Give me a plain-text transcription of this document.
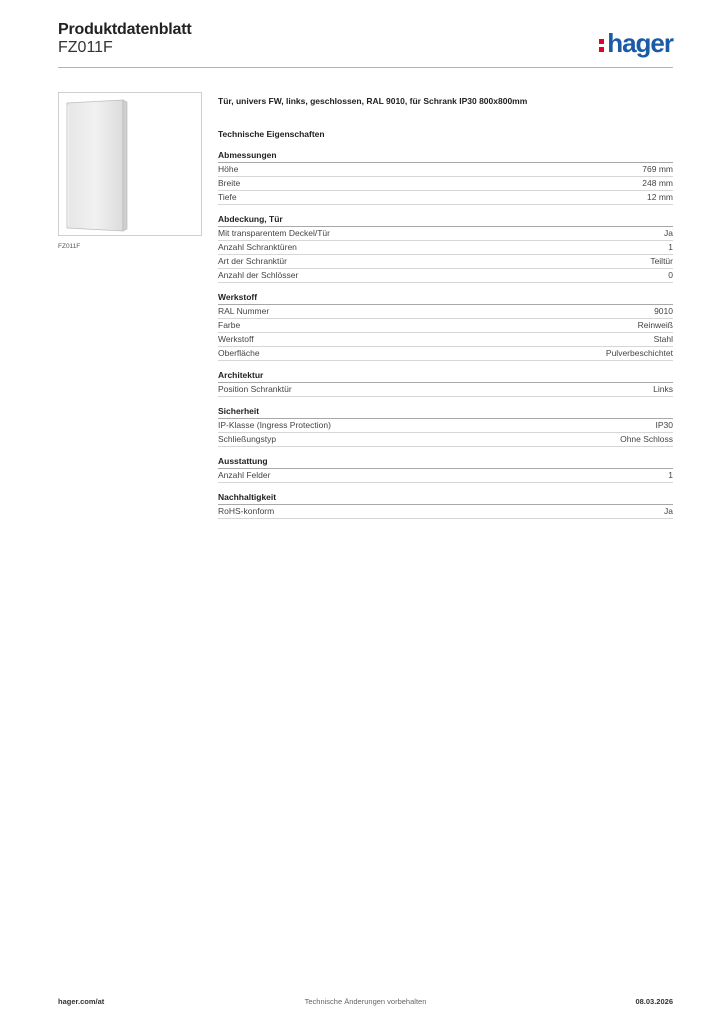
Produktdatenblatt
FZ011F	hager
FZ011F
Tür, univers FW, links, geschlossen, RAL 9010, für Schrank IP30 800x800mm
Technische Eigenschaften
Abmessungen
Höhe	769 mm
Breite	248 mm
Tiefe	12 mm
Abdeckung, Tür
Mit transparentem Deckel/Tür	Ja
Anzahl Schranktüren	1
Art der Schranktür	Teiltür
Anzahl der Schlösser	0
Werkstoff
RAL Nummer	9010
Farbe	Reinweiß
Werkstoff	Stahl
Oberfläche	Pulverbeschichtet
Architektur
Position Schranktür	Links
Sicherheit
IP-Klasse (Ingress Protection)	IP30
Schließungstyp	Ohne Schloss
Ausstattung
Anzahl Felder	1
Nachhaltigkeit
RoHS-konform	Ja
hager.com/at	Technische Änderungen vorbehalten	08.03.2026
